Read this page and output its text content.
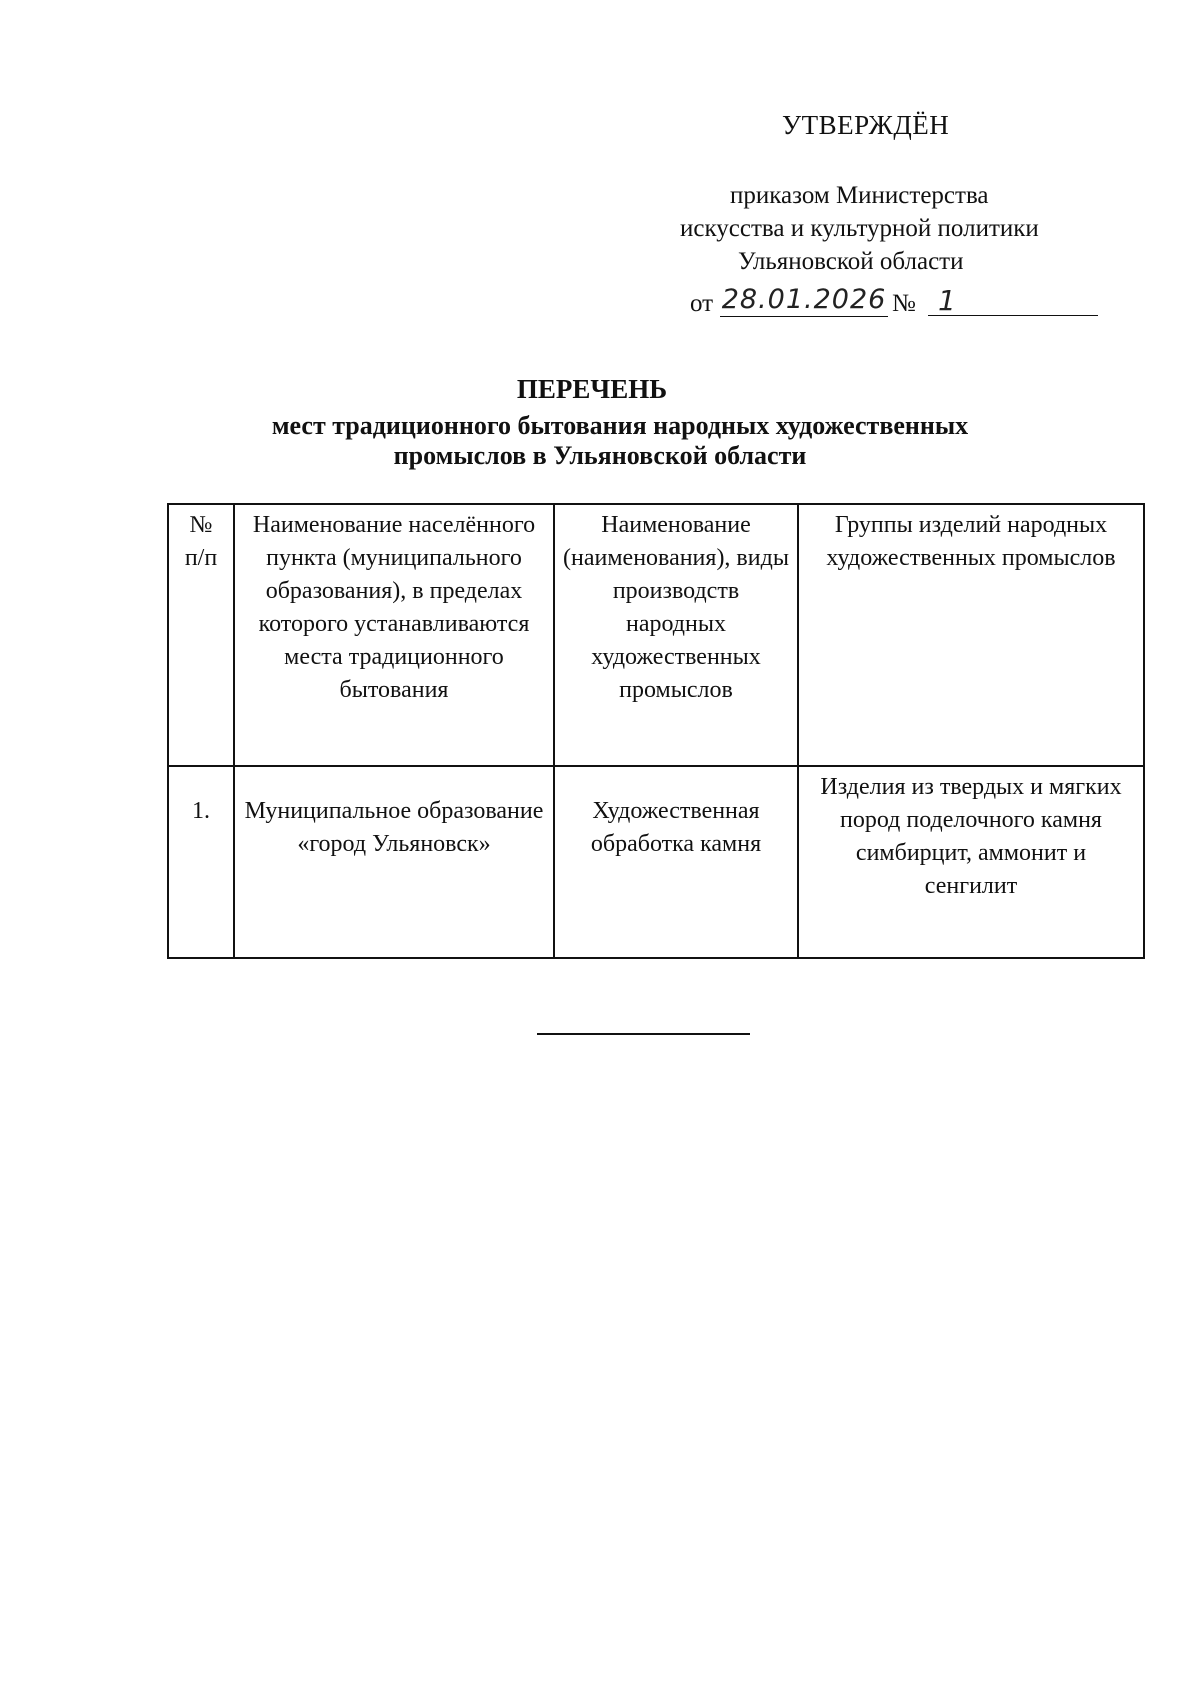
УТВЕРЖДЁН
приказом Министерства
искусства и культурной политики
Ульяновской области
от 28.01.2026 № 1
ПЕРЕЧЕНЬ
мест традиционного бытования народных художественных
промыслов в Ульяновской области
№ п/п	Наименование населённого пункта (муниципального образования), в пределах которого устанавливаются места традиционного бытования	Наименование (наименования), виды производств народных художественных промыслов	Группы изделий народных художественных промыслов
1.	Муниципальное образование «город Ульяновск»	Художественная обработка камня	Изделия из твердых и мягких пород поделочного камня симбирцит, аммонит и сенгилит
